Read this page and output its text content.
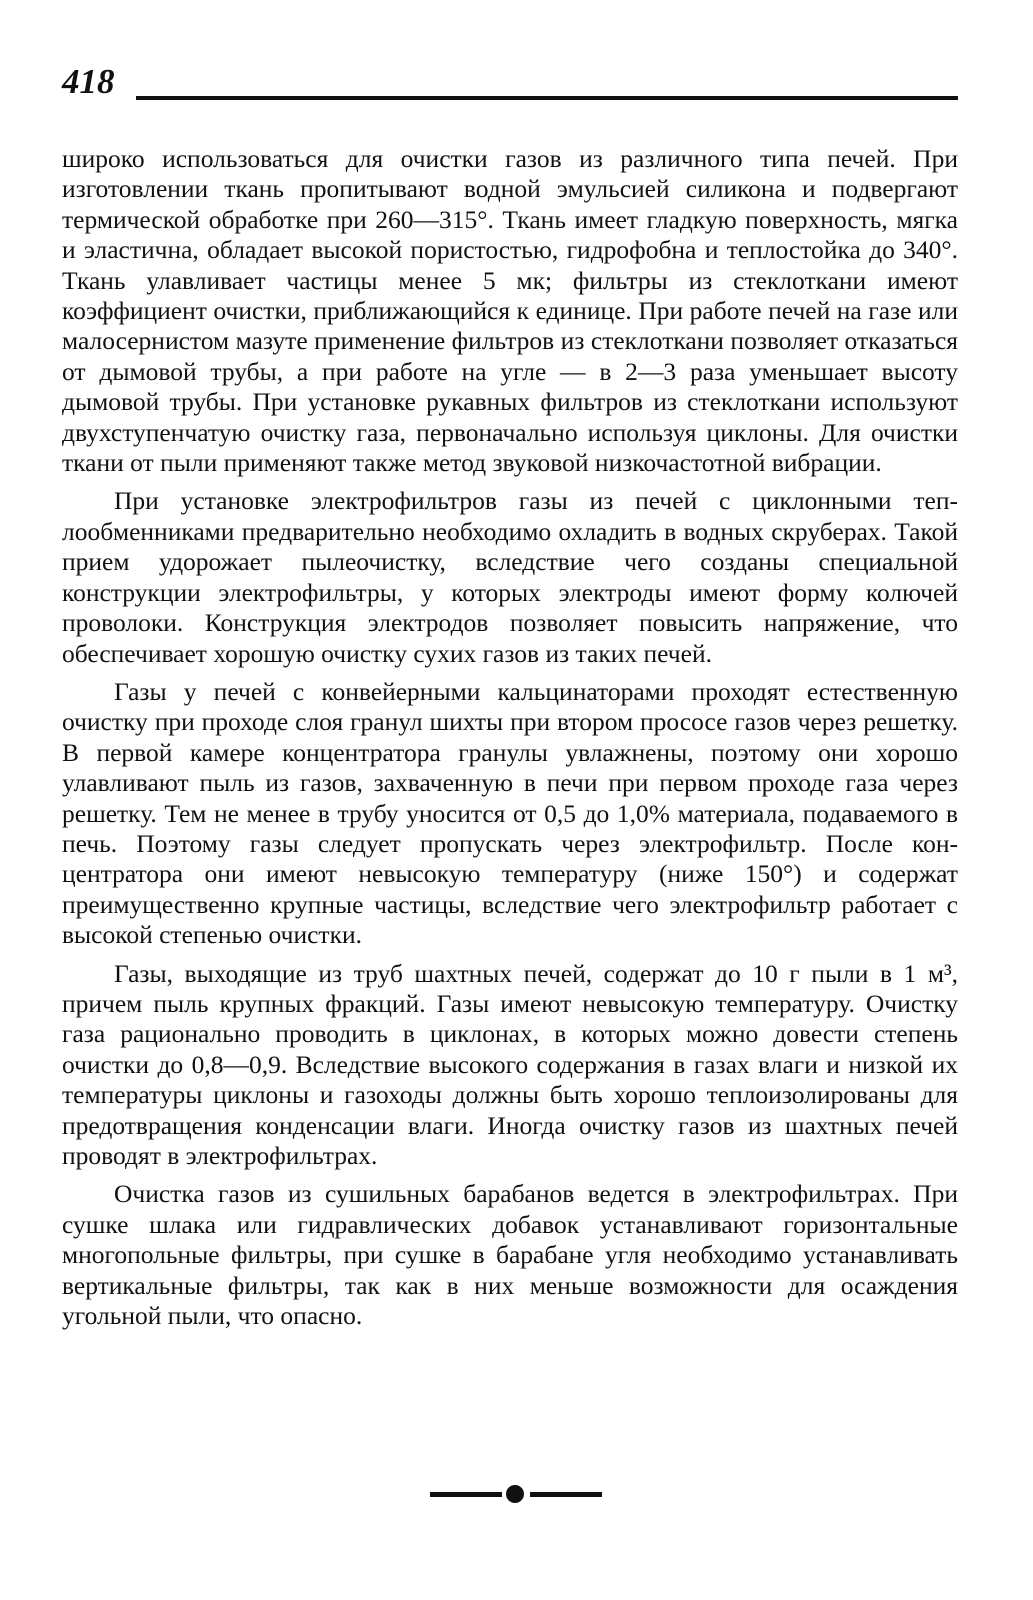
418

широко использоваться для очистки газов из различного типа печей. При изготовлении ткань пропитывают водной эмульсией силикона и подвергают термической обработке при 260—315°. Ткань имеет гладкую поверхность, мягка и эластична, обладает высокой пористостью, гидрофобна и теплостойка до 340°. Ткань улавливает частицы менее 5 мк; фильтры из стеклоткани имеют коэффициент очистки, приближающийся к единице. При работе печей на газе или малосернистом мазуте применение фильтров из стеклоткани позволяет отказаться от дымовой трубы, а при работе на угле — в 2—3 раза уменьшает высоту дымовой трубы. При установке рукавных фильтров из стеклоткани используют двухступенчатую очистку газа, первоначально используя циклоны. Для очистки ткани от пыли применяют также метод звуковой низкочастотной вибрации.

При установке электрофильтров газы из печей с циклонными теплообменниками предварительно необходимо охладить в водных скруберах. Такой прием удорожает пылеочистку, вследствие чего созданы специальной конструкции электрофильтры, у которых электроды имеют форму колючей проволоки. Конструкция электродов позволяет повысить напряжение, что обеспечивает хорошую очистку сухих газов из таких печей.

Газы у печей с конвейерными кальцинаторами проходят естественную очистку при проходе слоя гранул шихты при втором прососе газов через решетку. В первой камере концентратора гранулы увлажнены, поэтому они хорошо улавливают пыль из газов, захваченную в печи при первом проходе газа через решетку. Тем не менее в трубу уносится от 0,5 до 1,0% материала, подаваемого в печь. Поэтому газы следует пропускать через электрофильтр. После концентратора они имеют невысокую температуру (ниже 150°) и содержат преимущественно крупные частицы, вследствие чего электрофильтр работает с высокой степенью очистки.

Газы, выходящие из труб шахтных печей, содержат до 10 г пыли в 1 м³, причем пыль крупных фракций. Газы имеют невысокую температуру. Очистку газа рационально проводить в циклонах, в которых можно довести степень очистки до 0,8—0,9. Вследствие высокого содержания в газах влаги и низкой их температуры циклоны и газоходы должны быть хорошо теплоизолированы для предотвращения конденсации влаги. Иногда очистку газов из шахтных печей проводят в электрофильтрах.

Очистка газов из сушильных барабанов ведется в электрофильтрах. При сушке шлака или гидравлических добавок устанавливают горизонтальные многопольные фильтры, при сушке в барабане угля необходимо устанавливать вертикальные фильтры, так как в них меньше возможности для осаждения угольной пыли, что опасно.
